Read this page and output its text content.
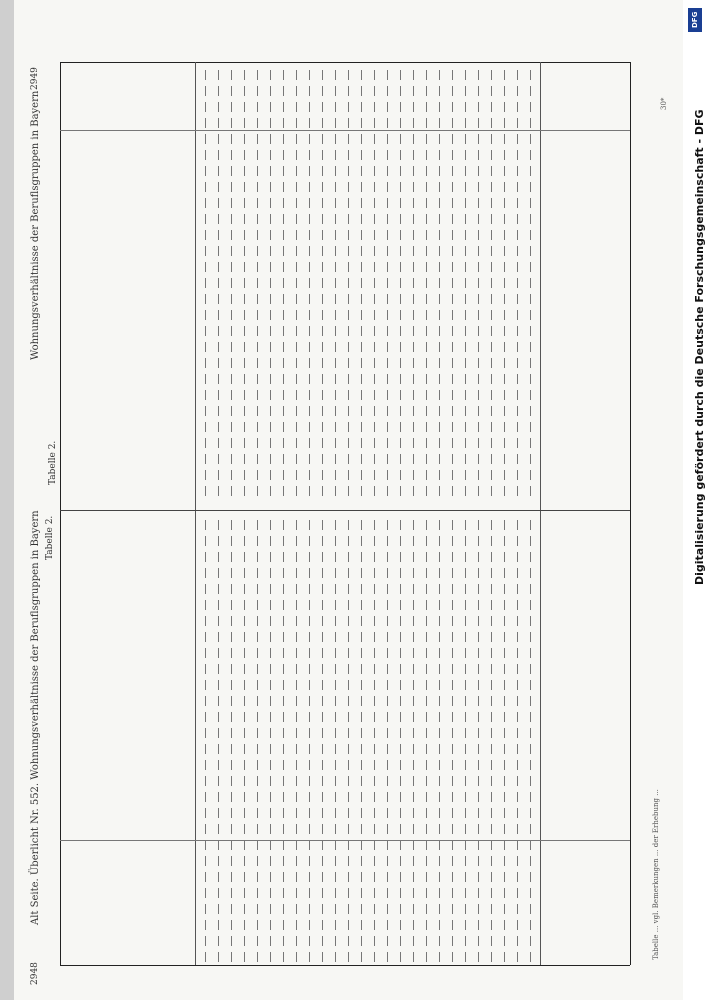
2948
Alt Seite. Überlicht Nr. 552. Wohnungsverhältnisse der Beruflsgruppen in Bayern
Wohnungsverhältnisse der Beruflsgruppen in Bayern
2949
Tabelle 2.
Tabelle 2.
Tabelle ... vgl. Bemerkungen ... der Erhebung ...
30*
DFG
Digitalisierung gefördert durch die Deutsche Forschungsgemeinschaft - DFG
